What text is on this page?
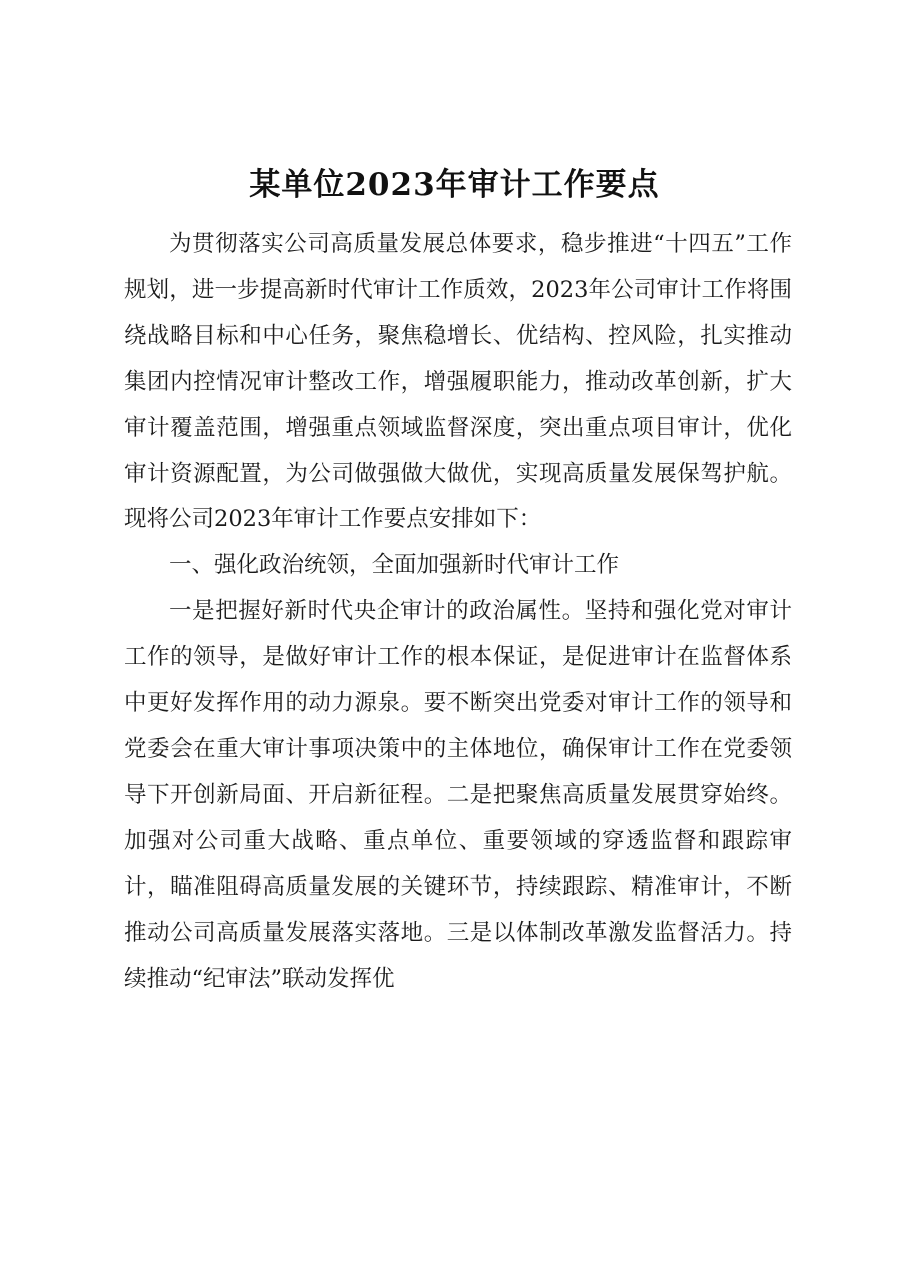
某单位2023年审计工作要点

为贯彻落实公司高质量发展总体要求，稳步推进“十四五”工作规划，进一步提高新时代审计工作质效，2023年公司审计工作将围绕战略目标和中心任务，聚焦稳增长、优结构、控风险，扎实推动集团内控情况审计整改工作，增强履职能力，推动改革创新，扩大审计覆盖范围，增强重点领域监督深度，突出重点项目审计，优化审计资源配置，为公司做强做大做优，实现高质量发展保驾护航。现将公司2023年审计工作要点安排如下：

一、强化政治统领，全面加强新时代审计工作

一是把握好新时代央企审计的政治属性。坚持和强化党对审计工作的领导，是做好审计工作的根本保证，是促进审计在监督体系中更好发挥作用的动力源泉。要不断突出党委对审计工作的领导和党委会在重大审计事项决策中的主体地位，确保审计工作在党委领导下开创新局面、开启新征程。二是把聚焦高质量发展贯穿始终。加强对公司重大战略、重点单位、重要领域的穿透监督和跟踪审计，瞄准阻碍高质量发展的关键环节，持续跟踪、精准审计，不断推动公司高质量发展落实落地。三是以体制改革激发监督活力。持续推动“纪审法”联动发挥优
